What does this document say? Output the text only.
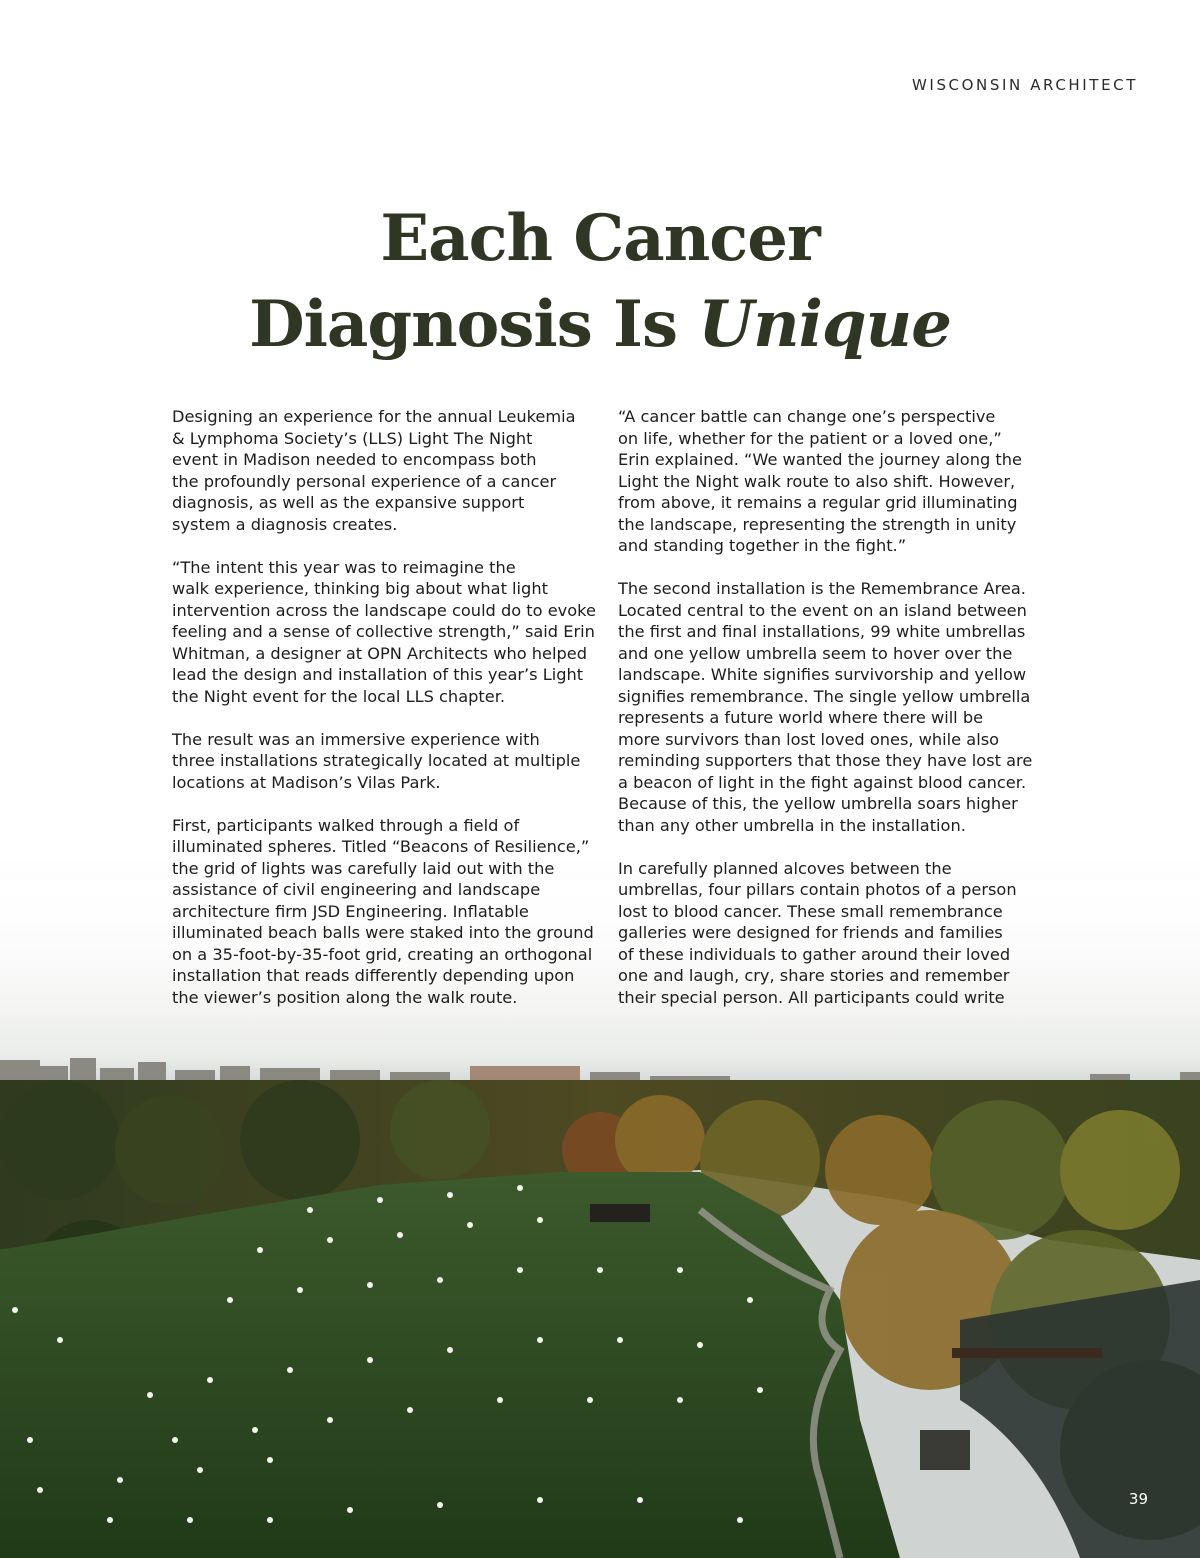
WISCONSIN ARCHITECT
Each Cancer
Diagnosis Is Unique

Designing an experience for the annual Leukemia
& Lymphoma Society’s (LLS) Light The Night
event in Madison needed to encompass both
the profoundly personal experience of a cancer
diagnosis, as well as the expansive support
system a diagnosis creates.

“The intent this year was to reimagine the
walk experience, thinking big about what light
intervention across the landscape could do to evoke
feeling and a sense of collective strength,” said Erin
Whitman, a designer at OPN Architects who helped
lead the design and installation of this year’s Light
the Night event for the local LLS chapter.

The result was an immersive experience with
three installations strategically located at multiple
locations at Madison’s Vilas Park.

First, participants walked through a field of
illuminated spheres. Titled “Beacons of Resilience,”
the grid of lights was carefully laid out with the
assistance of civil engineering and landscape
architecture firm JSD Engineering. Inflatable
illuminated beach balls were staked into the ground
on a 35-foot-by-35-foot grid, creating an orthogonal
installation that reads differently depending upon
the viewer’s position along the walk route.

“A cancer battle can change one’s perspective
on life, whether for the patient or a loved one,”
Erin explained. “We wanted the journey along the
Light the Night walk route to also shift. However,
from above, it remains a regular grid illuminating
the landscape, representing the strength in unity
and standing together in the fight.”

The second installation is the Remembrance Area.
Located central to the event on an island between
the first and final installations, 99 white umbrellas
and one yellow umbrella seem to hover over the
landscape. White signifies survivorship and yellow
signifies remembrance. The single yellow umbrella
represents a future world where there will be
more survivors than lost loved ones, while also
reminding supporters that those they have lost are
a beacon of light in the fight against blood cancer.
Because of this, the yellow umbrella soars higher
than any other umbrella in the installation.

In carefully planned alcoves between the
umbrellas, four pillars contain photos of a person
lost to blood cancer. These small remembrance
galleries were designed for friends and families
of these individuals to gather around their loved
one and laugh, cry, share stories and remember
their special person. All participants could write

39
